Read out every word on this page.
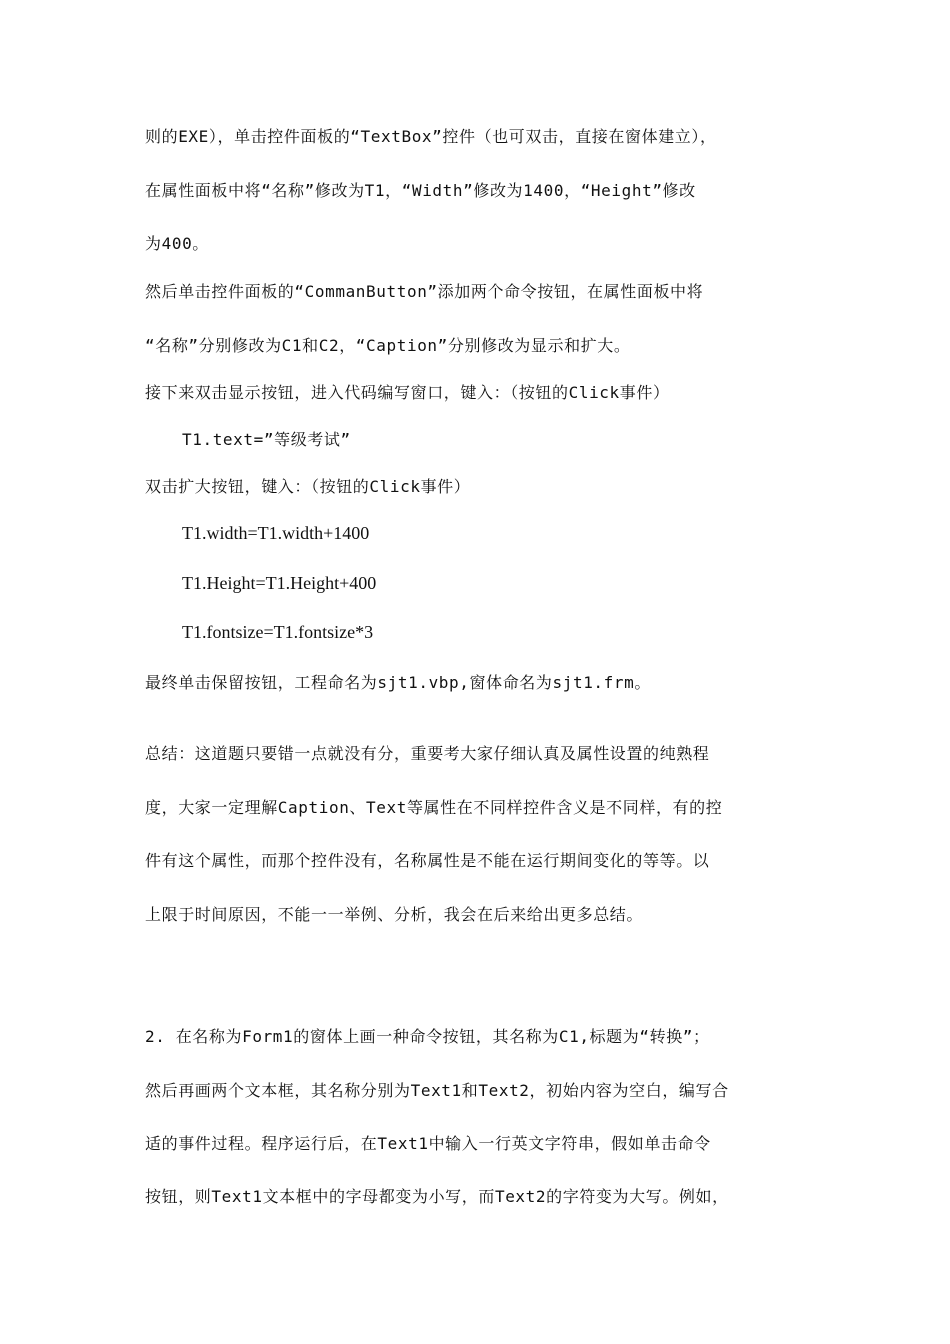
则的EXE），单击控件面板的“TextBox”控件（也可双击，直接在窗体建立），
在属性面板中将“名称”修改为T1，“Width”修改为1400，“Height”修改
为400。
然后单击控件面板的“CommanButton”添加两个命令按钮，在属性面板中将
“名称”分别修改为C1和C2，“Caption”分别修改为显示和扩大。
接下来双击显示按钮，进入代码编写窗口，键入：（按钮的Click事件）
T1.text=”等级考试”
双击扩大按钮，键入：（按钮的Click事件）
T1.width=T1.width+1400
T1.Height=T1.Height+400
T1.fontsize=T1.fontsize*3
最终单击保留按钮，工程命名为sjt1.vbp,窗体命名为sjt1.frm。
总结：这道题只要错一点就没有分，重要考大家仔细认真及属性设置的纯熟程
度，大家一定理解Caption、Text等属性在不同样控件含义是不同样，有的控
件有这个属性，而那个控件没有，名称属性是不能在运行期间变化的等等。以
上限于时间原因，不能一一举例、分析，我会在后来给出更多总结。
2. 在名称为Form1的窗体上画一种命令按钮，其名称为C1,标题为“转换”；
然后再画两个文本框，其名称分别为Text1和Text2，初始内容为空白，编写合
适的事件过程。程序运行后，在Text1中输入一行英文字符串，假如单击命令
按钮，则Text1文本框中的字母都变为小写，而Text2的字符变为大写。例如，
